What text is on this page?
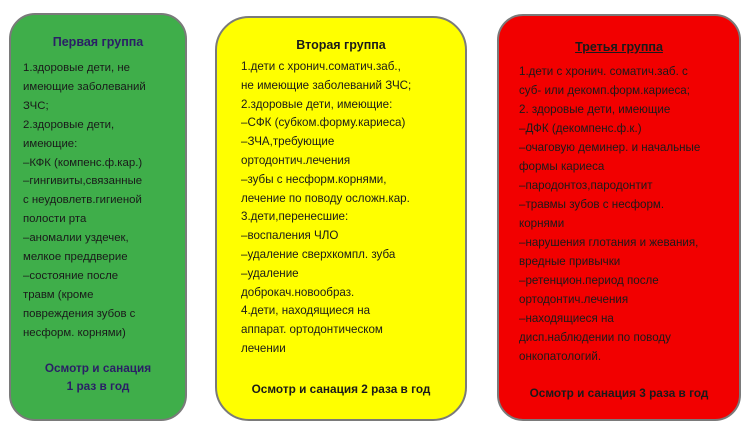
Первая группа
1.здоровые дети, не
имеющие заболеваний
ЗЧС;
2.здоровые дети,
имеющие:
–КФК (компенс.ф.кар.)
–гингивиты,связанные
с неудовлетв.гигиеной
полости рта
–аномалии уздечек,
мелкое преддверие
–состояние после
травм (кроме
повреждения зубов с
несформ. корнями)
Осмотр и санация
1 раз в год
Вторая группа
1.дети с хронич.соматич.заб.,
не имеющие заболеваний ЗЧС;
2.здоровые дети, имеющие:
–СФК (субком.форму.кариеса)
–ЗЧА,требующие
ортодонтич.лечения
–зубы с несформ.корнями,
лечение по поводу осложн.кар.
3.дети,перенесшие:
–воспаления ЧЛО
–удаление сверхкомпл. зуба
–удаление
доброкач.новообраз.
4.дети, находящиеся на
аппарат. ортодонтическом
лечении
Осмотр и санация 2 раза в год
Третья группа
1.дети с хронич. соматич.заб. с
суб- или декомп.форм.кариеса;
2. здоровые дети, имеющие
–ДФК (декомпенс.ф.к.)
–очаговую деминер. и начальные
формы кариеса
–пародонтоз,пародонтит
–травмы зубов с несформ.
корнями
–нарушения глотания и жевания,
вредные привычки
–ретенцион.период после
ортодонтич.лечения
–находящиеся на
дисп.наблюдении по поводу
онкопатологий.
Осмотр и санация 3 раза в год
